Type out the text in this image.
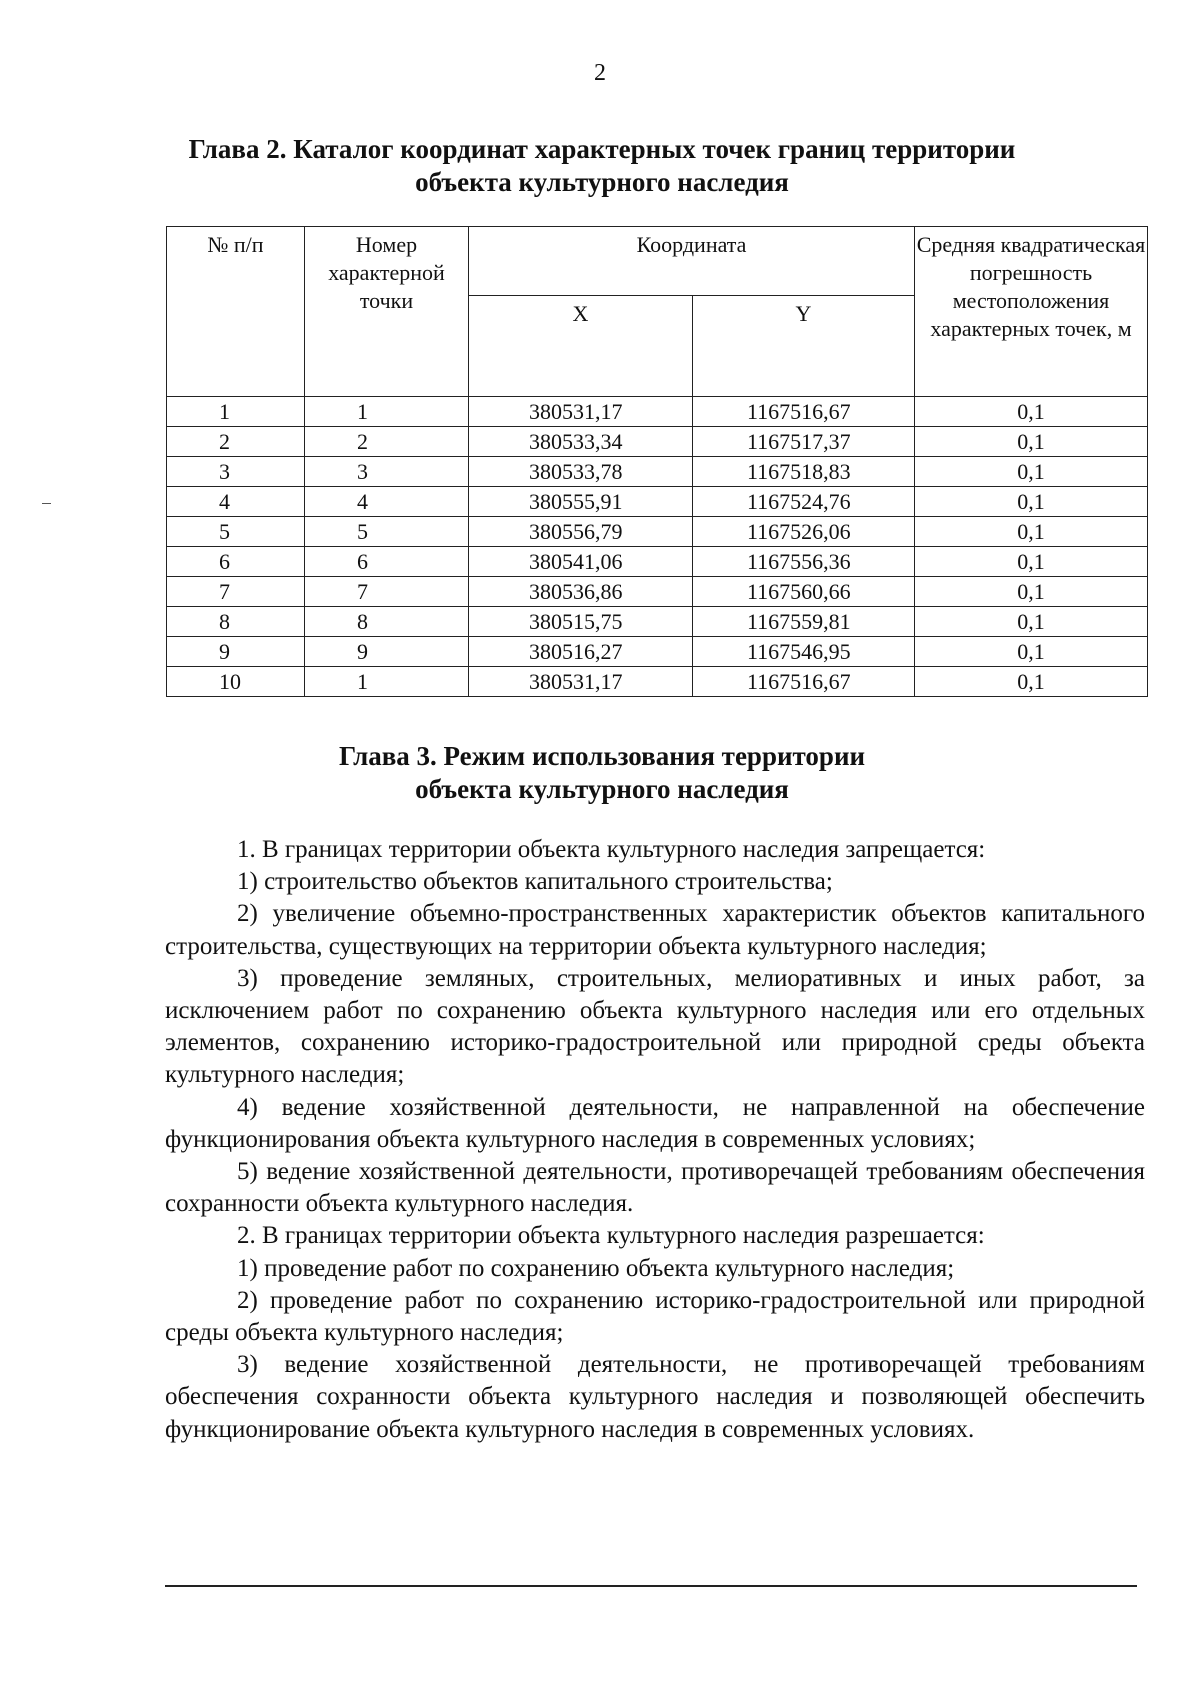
2
Глава 2. Каталог координат характерных точек границ территории
объекта культурного наследия
№ п/п	Номер характерной точки	Координата		Средняя квадратическая погрешность местоположения характерных точек, м
		X	Y	
1	1	380531,17	1167516,67	0,1
2	2	380533,34	1167517,37	0,1
3	3	380533,78	1167518,83	0,1
4	4	380555,91	1167524,76	0,1
5	5	380556,79	1167526,06	0,1
6	6	380541,06	1167556,36	0,1
7	7	380536,86	1167560,66	0,1
8	8	380515,75	1167559,81	0,1
9	9	380516,27	1167546,95	0,1
10	1	380531,17	1167516,67	0,1
Глава 3. Режим использования территории
объекта культурного наследия

1. В границах территории объекта культурного наследия запрещается:

1) строительство объектов капитального строительства;

2) увеличение объемно-пространственных характеристик объектов капитального строительства, существующих на территории объекта культурного наследия;

3) проведение земляных, строительных, мелиоративных и иных работ, за исключением работ по сохранению объекта культурного наследия или его отдельных элементов, сохранению историко-градостроительной или природной среды объекта культурного наследия;

4) ведение хозяйственной деятельности, не направленной на обеспечение функционирования объекта культурного наследия в современных условиях;

5) ведение хозяйственной деятельности, противоречащей требованиям обеспечения сохранности объекта культурного наследия.

2. В границах территории объекта культурного наследия разрешается:

1) проведение работ по сохранению объекта культурного наследия;

2) проведение работ по сохранению историко-градостроительной или природной среды объекта культурного наследия;

3) ведение хозяйственной деятельности, не противоречащей требованиям обеспечения сохранности объекта культурного наследия и позволяющей обеспечить функционирование объекта культурного наследия в современных условиях.
